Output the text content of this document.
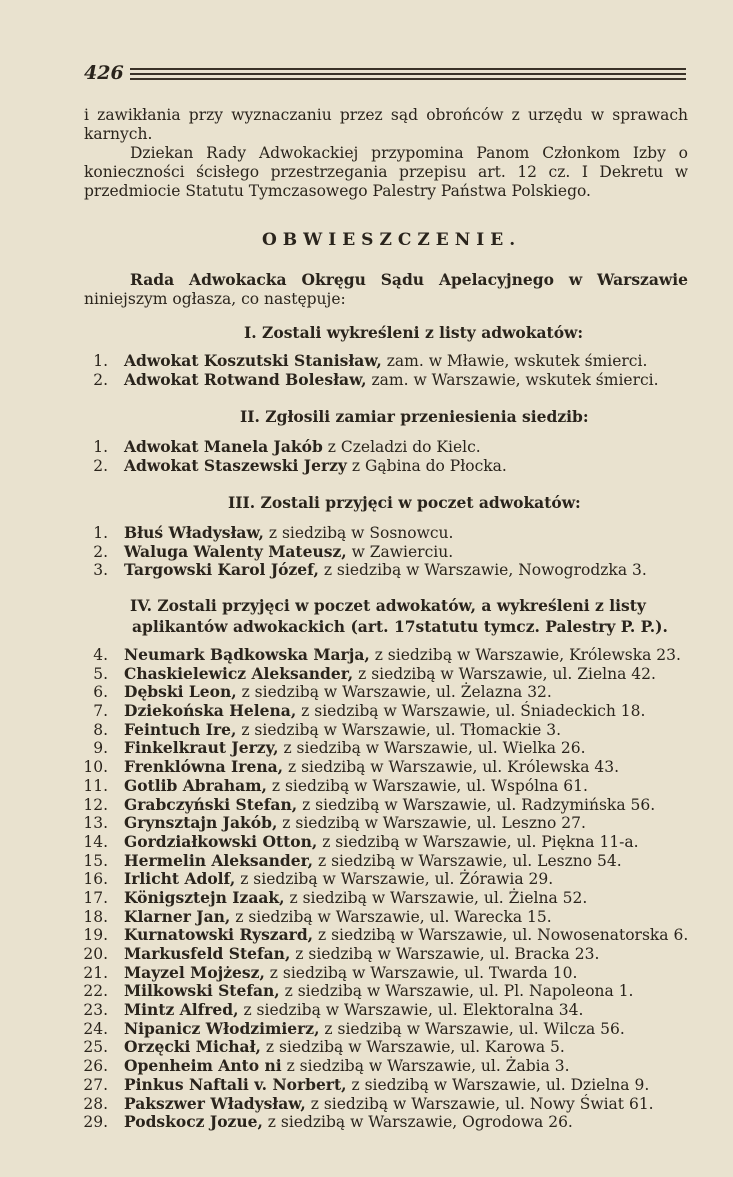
426

i zawikłania przy wyznaczaniu przez sąd obrońców z urzędu w sprawach karnych.

Dziekan Rady Adwokackiej przypomina Panom Członkom Izby o konieczności ścisłego przestrzegania przepisu art. 12 cz. I Dekretu w przedmiocie Statutu Tymczasowego Palestry Państwa Polskiego.

OBWIESZCZENIE.

Rada Adwokacka Okręgu Sądu Apelacyjnego w Warszawie niniejszym ogłasza, co następuje:

I. Zostali wykreśleni z listy adwokatów:
1.	Adwokat Koszutski Stanisław, zam. w Mławie, wskutek śmierci.
2.	Adwokat Rotwand Bolesław, zam. w Warszawie, wskutek śmierci.
II. Zgłosili zamiar przeniesienia siedzib:
1.	Adwokat Manela Jakób z Czeladzi do Kielc.
2.	Adwokat Staszewski Jerzy z Gąbina do Płocka.
III. Zostali przyjęci w poczet adwokatów:
1.	Błuś Władysław, z siedzibą w Sosnowcu.
2.	Waluga Walenty Mateusz, w Zawierciu.
3.	Targowski Karol Józef, z siedzibą w Warszawie, Nowogrodzka 3.
IV. Zostali przyjęci w poczet adwokatów, a wykreśleni z listy
aplikantów adwokackich (art. 17statutu tymcz. Palestry P. P.).
4.	Neumark Bądkowska Marja, z siedzibą w Warszawie, Królewska 23.
5.	Chaskielewicz Aleksander, z siedzibą w Warszawie, ul. Zielna 42.
6.	Dębski Leon, z siedzibą w Warszawie, ul. Żelazna 32.
7.	Dziekońska Helena, z siedzibą w Warszawie, ul. Śniadeckich 18.
8.	Feintuch Ire, z siedzibą w Warszawie, ul. Tłomackie 3.
9.	Finkelkraut Jerzy, z siedzibą w Warszawie, ul. Wielka 26.
10.	Frenklówna Irena, z siedzibą w Warszawie, ul. Królewska 43.
11.	Gotlib Abraham, z siedzibą w Warszawie, ul. Wspólna 61.
12.	Grabczyński Stefan, z siedzibą w Warszawie, ul. Radzymińska 56.
13.	Grynsztajn Jakób, z siedzibą w Warszawie, ul. Leszno 27.
14.	Gordziałkowski Otton, z siedzibą w Warszawie, ul. Piękna 11-a.
15.	Hermelin Aleksander, z siedzibą w Warszawie, ul. Leszno 54.
16.	Irlicht Adolf, z siedzibą w Warszawie, ul. Żórawia 29.
17.	Königsztejn Izaak, z siedzibą w Warszawie, ul. Żielna 52.
18.	Klarner Jan, z siedzibą w Warszawie, ul. Warecka 15.
19.	Kurnatowski Ryszard, z siedzibą w Warszawie, ul. Nowosenatorska 6.
20.	Markusfeld Stefan, z siedzibą w Warszawie, ul. Bracka 23.
21.	Mayzel Mojżesz, z siedzibą w Warszawie, ul. Twarda 10.
22.	Milkowski Stefan, z siedzibą w Warszawie, ul. Pl. Napoleona 1.
23.	Mintz Alfred, z siedzibą w Warszawie, ul. Elektoralna 34.
24.	Nipanicz Włodzimierz, z siedzibą w Warszawie, ul. Wilcza 56.
25.	Orzęcki Michał, z siedzibą w Warszawie, ul. Karowa 5.
26.	Openheim Anto ni z siedzibą w Warszawie, ul. Żabia 3.
27.	Pinkus Naftali v. Norbert, z siedzibą w Warszawie, ul. Dzielna 9.
28.	Pakszwer Władysław, z siedzibą w Warszawie, ul. Nowy Świat 61.
29.	Podskocz Jozue, z siedzibą w Warszawie, Ogrodowa 26.
